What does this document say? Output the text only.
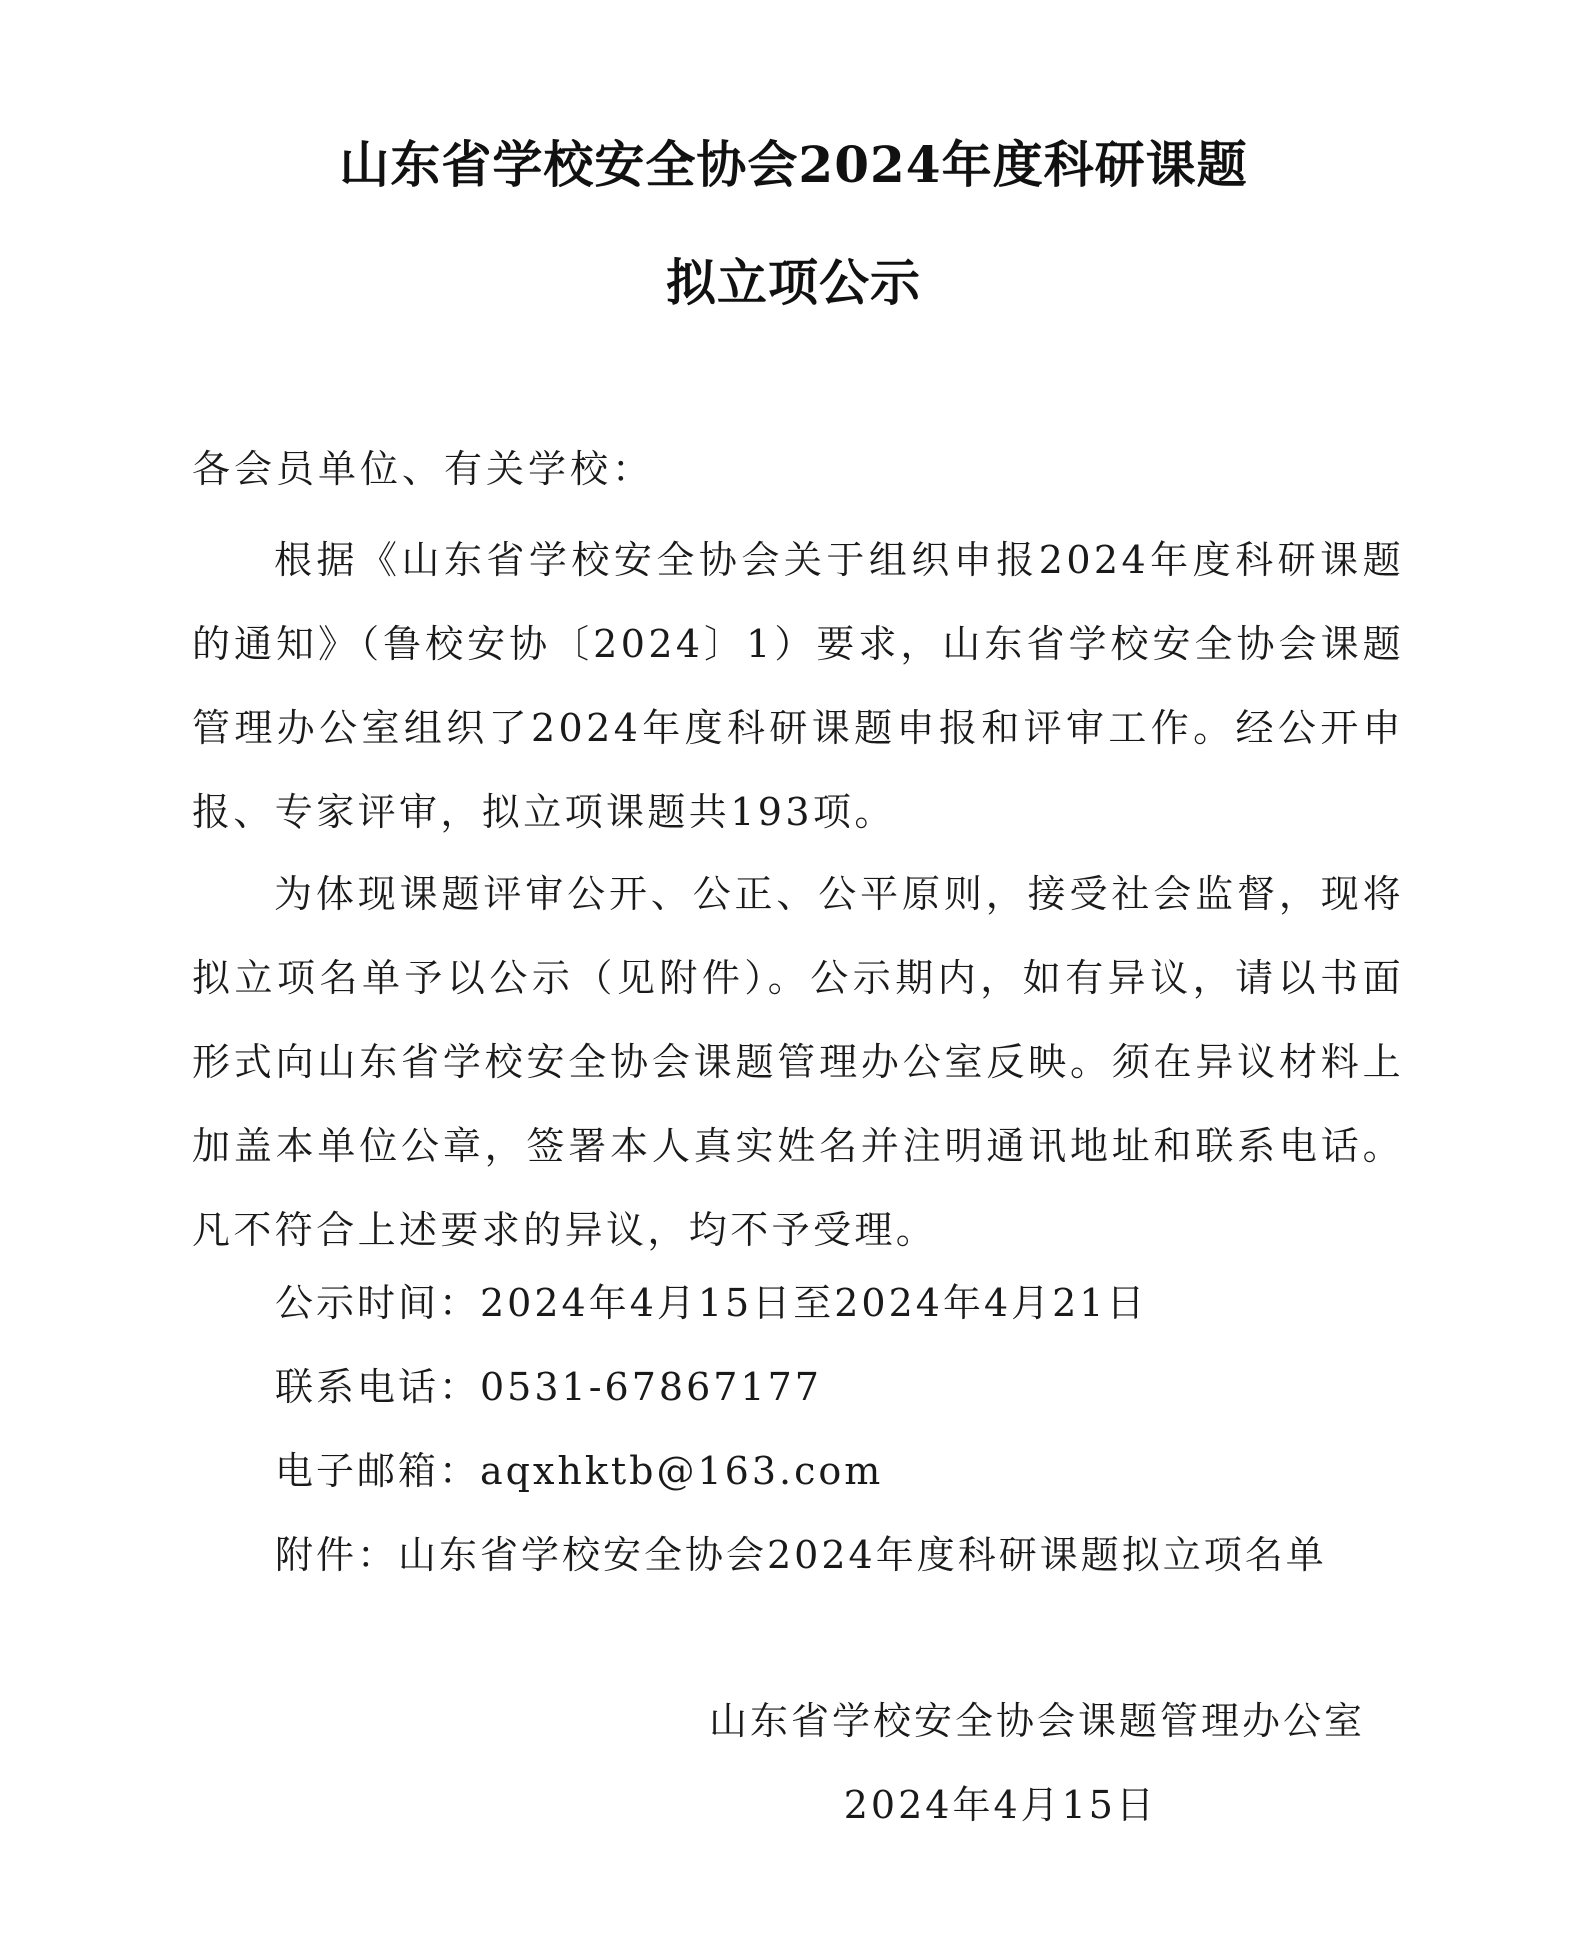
山东省学校安全协会2024年度科研课题
拟立项公示
各会员单位、有关学校：

根据《山东省学校安全协会关于组织申报2024年度科研课题的通知》（鲁校安协〔2024〕1）要求，山东省学校安全协会课题管理办公室组织了2024年度科研课题申报和评审工作。经公开申报、专家评审，拟立项课题共193项。

为体现课题评审公开、公正、公平原则，接受社会监督，现将拟立项名单予以公示（见附件）。公示期内，如有异议，请以书面形式向山东省学校安全协会课题管理办公室反映。须在异议材料上加盖本单位公章，签署本人真实姓名并注明通讯地址和联系电话。凡不符合上述要求的异议，均不予受理。

公示时间：2024年4月15日至2024年4月21日
联系电话：0531-67867177
电子邮箱：aqxhktb@163.com
附件：山东省学校安全协会2024年度科研课题拟立项名单
山东省学校安全协会课题管理办公室
2024年4月15日
